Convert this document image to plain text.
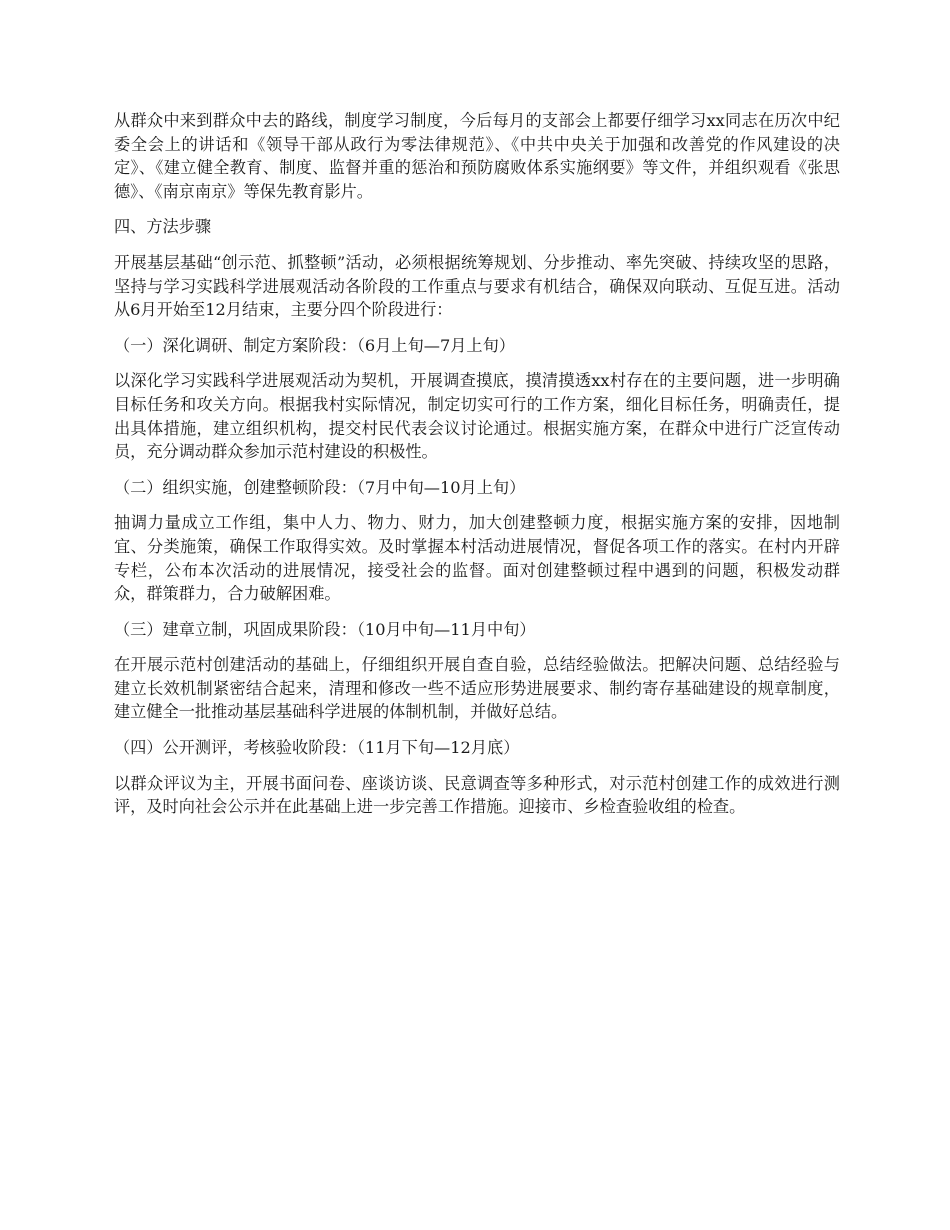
从群众中来到群众中去的路线，制度学习制度，今后每月的支部会上都要仔细学习xx同志在历次中纪委全会上的讲话和《领导干部从政行为零法律规范》、《中共中央关于加强和改善党的作风建设的决定》、《建立健全教育、制度、监督并重的惩治和预防腐败体系实施纲要》等文件，并组织观看《张思德》、《南京南京》等保先教育影片。

四、方法步骤

开展基层基础“创示范、抓整顿”活动，必须根据统筹规划、分步推动、率先突破、持续攻坚的思路，坚持与学习实践科学进展观活动各阶段的工作重点与要求有机结合，确保双向联动、互促互进。活动从6月开始至12月结束，主要分四个阶段进行：

（一）深化调研、制定方案阶段：（6月上旬—7月上旬）

以深化学习实践科学进展观活动为契机，开展调查摸底，摸清摸透xx村存在的主要问题，进一步明确目标任务和攻关方向。根据我村实际情况，制定切实可行的工作方案，细化目标任务，明确责任，提出具体措施，建立组织机构，提交村民代表会议讨论通过。根据实施方案，在群众中进行广泛宣传动员，充分调动群众参加示范村建设的积极性。

（二）组织实施，创建整顿阶段：（7月中旬—10月上旬）

抽调力量成立工作组，集中人力、物力、财力，加大创建整顿力度，根据实施方案的安排，因地制宜、分类施策，确保工作取得实效。及时掌握本村活动进展情况，督促各项工作的落实。在村内开辟专栏，公布本次活动的进展情况，接受社会的监督。面对创建整顿过程中遇到的问题，积极发动群众，群策群力，合力破解困难。

（三）建章立制，巩固成果阶段：（10月中旬—11月中旬）

在开展示范村创建活动的基础上，仔细组织开展自查自验，总结经验做法。把解决问题、总结经验与建立长效机制紧密结合起来，清理和修改一些不适应形势进展要求、制约寄存基础建设的规章制度，建立健全一批推动基层基础科学进展的体制机制，并做好总结。

（四）公开测评，考核验收阶段：（11月下旬—12月底）

以群众评议为主，开展书面问卷、座谈访谈、民意调查等多种形式，对示范村创建工作的成效进行测评，及时向社会公示并在此基础上进一步完善工作措施。迎接市、乡检查验收组的检查。
